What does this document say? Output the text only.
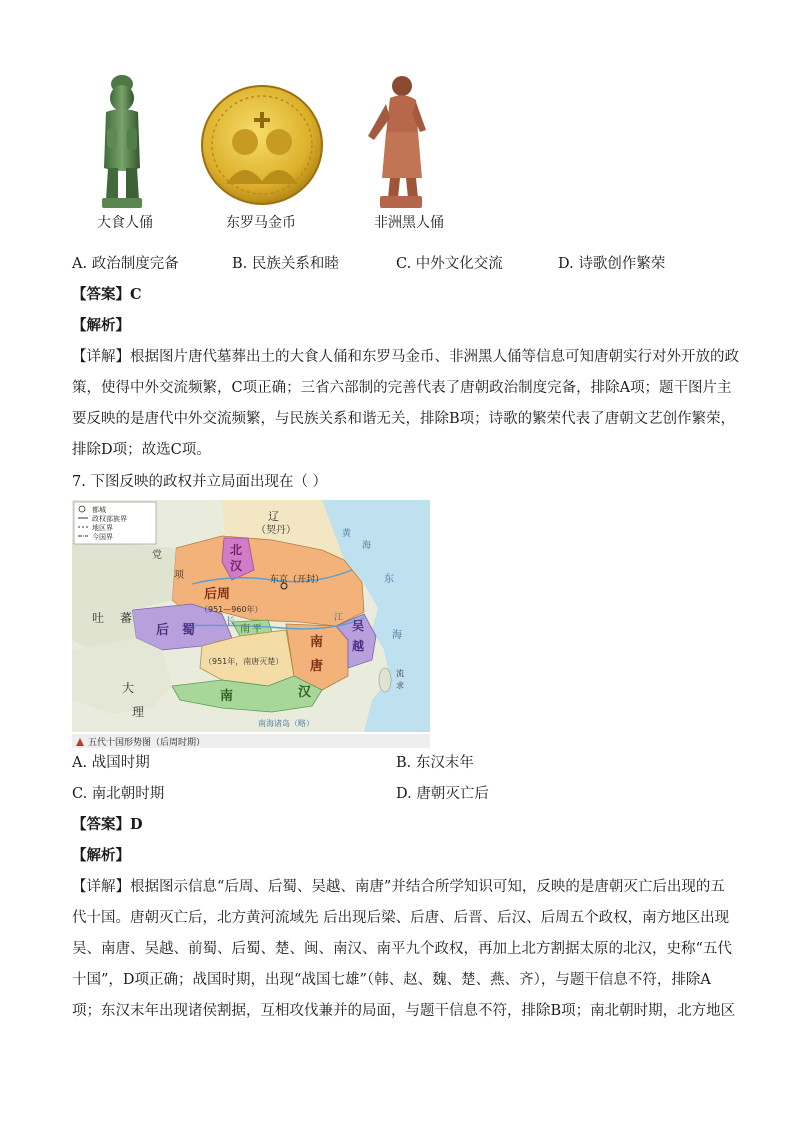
大食人俑	东罗马金币	非洲黑人俑
A. 政治制度完备	B. 民族关系和睦	C. 中外文化交流	D. 诗歌创作繁荣
【答案】C
【解析】
【详解】根据图片唐代墓葬出土的大食人俑和东罗马金币、非洲黑人俑等信息可知唐朝实行对外开放的政
策，使得中外交流频繁，C项正确；三省六部制的完善代表了唐朝政治制度完备，排除A项；题干图片主
要反映的是唐代中外交流频繁，与民族关系和谐无关，排除B项；诗歌的繁荣代表了唐朝文艺创作繁荣，
排除D项；故选C项。
7. 下图反映的政权并立局面出现在（ ）
都城
政权部族界
地区界
今国界
辽
（契丹）
北
汉
东京（开封）
后周
（951—960年）
后 蜀	南 平
（951年，南唐灭楚）
南
唐
吴
越
南	汉
吐 蕃
党
项
大
理
黄
海
东
海
流
求
南海诸岛（略）
长	江
五代十国形势图（后周时期）
A. 战国时期	B. 东汉末年
C. 南北朝时期	D. 唐朝灭亡后
【答案】D
【解析】
【详解】根据图示信息“后周、后蜀、吴越、南唐”并结合所学知识可知，反映的是唐朝灭亡后出现的五
代十国。唐朝灭亡后，北方黄河流域先 后出现后梁、后唐、后晋、后汉、后周五个政权，南方地区出现
吴、南唐、吴越、前蜀、后蜀、楚、闽、南汉、南平九个政权，再加上北方割据太原的北汉，史称“五代
十国”，D项正确；战国时期，出现“战国七雄”（韩、赵、魏、楚、燕、齐），与题干信息不符，排除A
项；东汉末年出现诸侯割据，互相攻伐兼并的局面，与题干信息不符，排除B项；南北朝时期，北方地区
